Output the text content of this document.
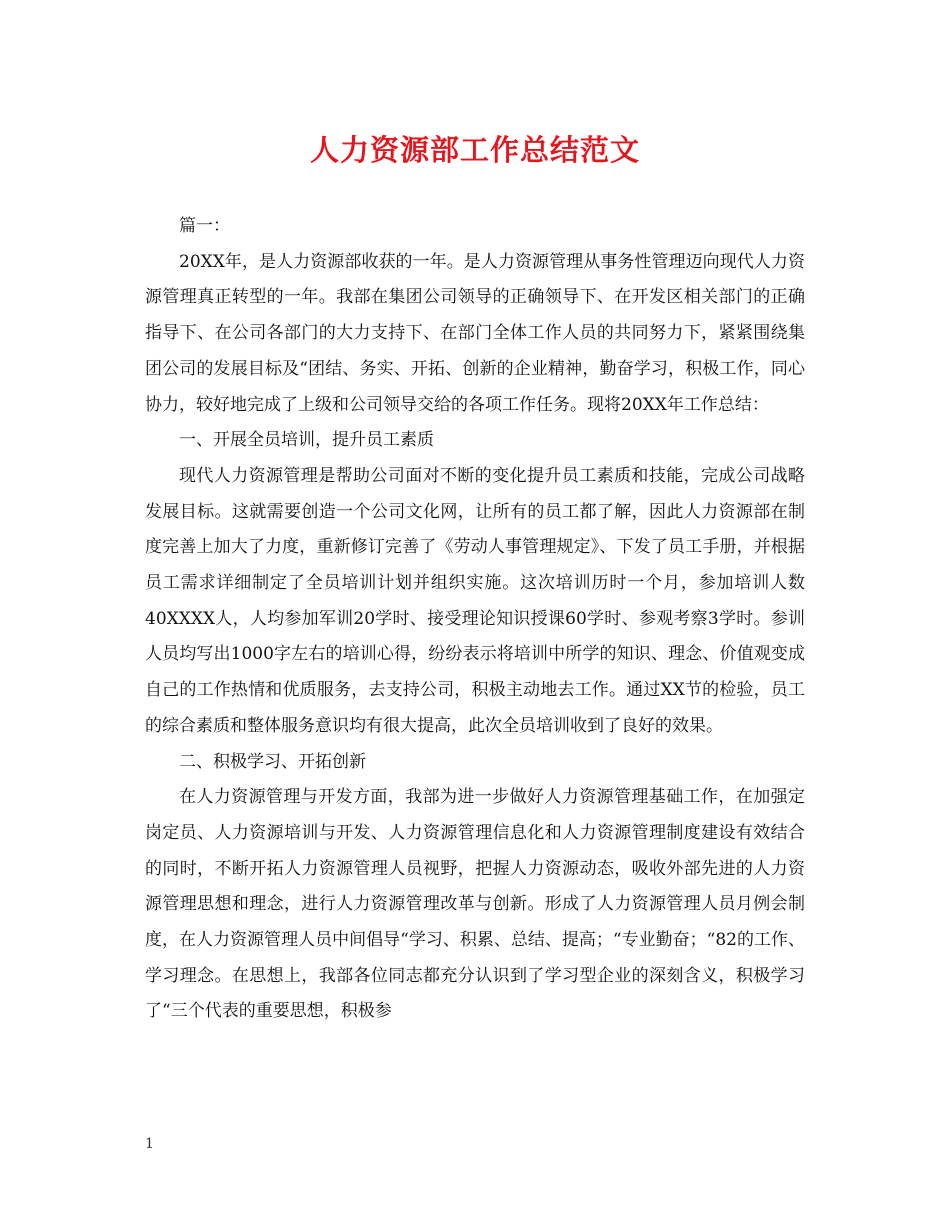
人力资源部工作总结范文

篇一：

20XX年，是人力资源部收获的一年。是人力资源管理从事务性管理迈向现代人力资源管理真正转型的一年。我部在集团公司领导的正确领导下、在开发区相关部门的正确指导下、在公司各部门的大力支持下、在部门全体工作人员的共同努力下，紧紧围绕集团公司的发展目标及“团结、务实、开拓、创新的企业精神，勤奋学习，积极工作，同心协力，较好地完成了上级和公司领导交给的各项工作任务。现将20XX年工作总结：

一、开展全员培训，提升员工素质

现代人力资源管理是帮助公司面对不断的变化提升员工素质和技能，完成公司战略发展目标。这就需要创造一个公司文化网，让所有的员工都了解，因此人力资源部在制度完善上加大了力度，重新修订完善了《劳动人事管理规定》、下发了员工手册，并根据员工需求详细制定了全员培训计划并组织实施。这次培训历时一个月，参加培训人数40XXXX人，人均参加军训20学时、接受理论知识授课60学时、参观考察3学时。参训人员均写出1000字左右的培训心得，纷纷表示将培训中所学的知识、理念、价值观变成自己的工作热情和优质服务，去支持公司，积极主动地去工作。通过XX节的检验，员工的综合素质和整体服务意识均有很大提高，此次全员培训收到了良好的效果。

二、积极学习、开拓创新

在人力资源管理与开发方面，我部为进一步做好人力资源管理基础工作，在加强定岗定员、人力资源培训与开发、人力资源管理信息化和人力资源管理制度建设有效结合的同时，不断开拓人力资源管理人员视野，把握人力资源动态，吸收外部先进的人力资源管理思想和理念，进行人力资源管理改革与创新。形成了人力资源管理人员月例会制度，在人力资源管理人员中间倡导“学习、积累、总结、提高；“专业勤奋；“82的工作、学习理念。在思想上，我部各位同志都充分认识到了学习型企业的深刻含义，积极学习了“三个代表的重要思想，积极参

1
